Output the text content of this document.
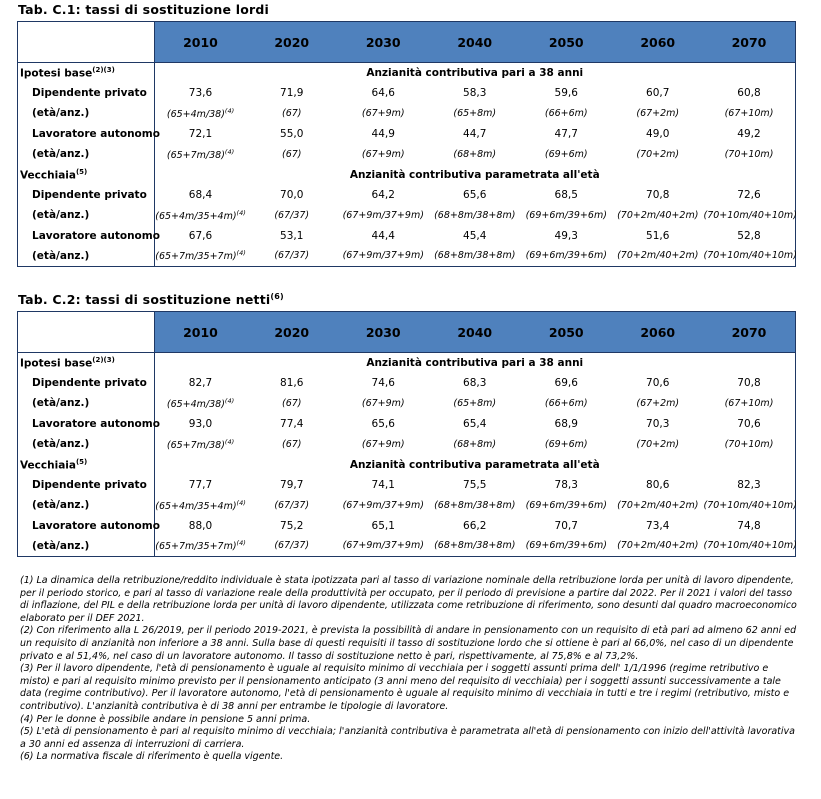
Tab. C.1: tassi di sostituzione lordi
	2010	2020	2030	2040	2050	2060	2070
Ipotesi base$^{(2)(3)}$	Anzianità contributiva pari a 38 anni						
Dipendente privato	73,6	71,9	64,6	58,3	59,6	60,7	60,8
(età/anz.)	$(65+4m/38)^{(4)}$	(67)	(67+9m)	(65+8m)	(66+6m)	(67+2m)	(67+10m)
Lavoratore autonomo	72,1	55,0	44,9	44,7	47,7	49,0	49,2
(età/anz.)	$(65+7m/38)^{(4)}$	(67)	(67+9m)	(68+8m)	(69+6m)	(70+2m)	(70+10m)
Vecchiaia$^{(5)}$	Anzianità contributiva parametrata all'età						
Dipendente privato	68,4	70,0	64,2	65,6	68,5	70,8	72,6
(età/anz.)	$(65+4m/35+4m)^{(4)}$	(67/37)	(67+9m/37+9m)	(68+8m/38+8m)	(69+6m/39+6m)	(70+2m/40+2m)	(70+10m/40+10m)
Lavoratore autonomo	67,6	53,1	44,4	45,4	49,3	51,6	52,8
(età/anz.)	$(65+7m/35+7m)^{(4)}$	(67/37)	(67+9m/37+9m)	(68+8m/38+8m)	(69+6m/39+6m)	(70+2m/40+2m)	(70+10m/40+10m)
Tab. C.2: tassi di sostituzione netti$^{(6)}$
	2010	2020	2030	2040	2050	2060	2070
Ipotesi base$^{(2)(3)}$	Anzianità contributiva pari a 38 anni						
Dipendente privato	82,7	81,6	74,6	68,3	69,6	70,6	70,8
(età/anz.)	$(65+4m/38)^{(4)}$	(67)	(67+9m)	(65+8m)	(66+6m)	(67+2m)	(67+10m)
Lavoratore autonomo	93,0	77,4	65,6	65,4	68,9	70,3	70,6
(età/anz.)	$(65+7m/38)^{(4)}$	(67)	(67+9m)	(68+8m)	(69+6m)	(70+2m)	(70+10m)
Vecchiaia$^{(5)}$	Anzianità contributiva parametrata all'età						
Dipendente privato	77,7	79,7	74,1	75,5	78,3	80,6	82,3
(età/anz.)	$(65+4m/35+4m)^{(4)}$	(67/37)	(67+9m/37+9m)	(68+8m/38+8m)	(69+6m/39+6m)	(70+2m/40+2m)	(70+10m/40+10m)
Lavoratore autonomo	88,0	75,2	65,1	66,2	70,7	73,4	74,8
(età/anz.)	$(65+7m/35+7m)^{(4)}$	(67/37)	(67+9m/37+9m)	(68+8m/38+8m)	(69+6m/39+6m)	(70+2m/40+2m)	(70+10m/40+10m)

(1) La dinamica della retribuzione/reddito individuale è stata ipotizzata pari al tasso di variazione nominale della retribuzione lorda per unità di lavoro dipendente, per il periodo storico, e pari al tasso di variazione reale della produttività per occupato, per il periodo di previsione a partire dal 2022. Per il 2021 i valori del tasso di inflazione, del PIL e della retribuzione lorda per unità di lavoro dipendente, utilizzata come retribuzione di riferimento, sono desunti dal quadro macroeconomico elaborato per il DEF 2021.

(2) Con riferimento alla L 26/2019, per il periodo 2019-2021, è prevista la possibilità di andare in pensionamento con un requisito di età pari ad almeno 62 anni ed un requisito di anzianità non inferiore a 38 anni. Sulla base di questi requisiti il tasso di sostituzione lordo che si ottiene è pari al 66,0%, nel caso di un dipendente privato e al 51,4%, nel caso di un lavoratore autonomo. Il tasso di sostituzione netto è pari, rispettivamente, al 75,8% e al 73,2%.

(3) Per il lavoro dipendente, l'età di pensionamento è uguale al requisito minimo di vecchiaia per i soggetti assunti prima dell' 1/1/1996 (regime retributivo e misto) e pari al requisito minimo previsto per il pensionamento anticipato (3 anni meno del requisito di vecchiaia) per i soggetti assunti successivamente a tale data (regime contributivo). Per il lavoratore autonomo, l'età di pensionamento è uguale al requisito minimo di vecchiaia in tutti e tre i regimi (retributivo, misto e contributivo). L'anzianità contributiva è di 38 anni per entrambe le tipologie di lavoratore.

(4) Per le donne è possibile andare in pensione 5 anni prima.

(5) L'età di pensionamento è pari al requisito minimo di vecchiaia; l'anzianità contributiva è parametrata all'età di pensionamento con inizio dell'attività lavorativa a 30 anni ed assenza di interruzioni di carriera.

(6) La normativa fiscale di riferimento è quella vigente.
